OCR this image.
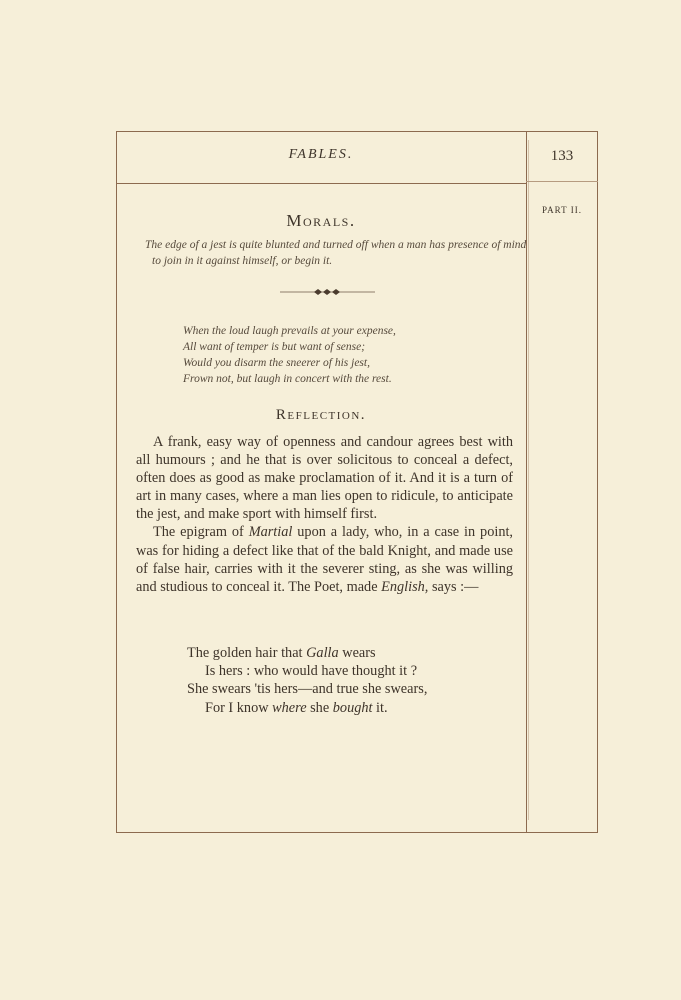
FABLES.	133
PART II.
Morals.
The edge of a jest is quite blunted and turned off when a man has presence of mind to join in it against himself, or begin it.
When the loud laugh prevails at your expense,
All want of temper is but want of sense;
Would you disarm the sneerer of his jest,
Frown not, but laugh in concert with the rest.
Reflection.

A frank, easy way of openness and candour agrees best with all humours ; and he that is over solicitous to conceal a defect, often does as good as make proclamation of it. And it is a turn of art in many cases, where a man lies open to ridicule, to anticipate the jest, and make sport with himself first.

The epigram of Martial upon a lady, who, in a case in point, was for hiding a defect like that of the bald Knight, and made use of false hair, carries with it the severer sting, as she was willing and studious to conceal it. The Poet, made English, says :—

The golden hair that Galla wears
Is hers : who would have thought it ?
She swears 'tis hers—and true she swears,
For I know where she bought it.
